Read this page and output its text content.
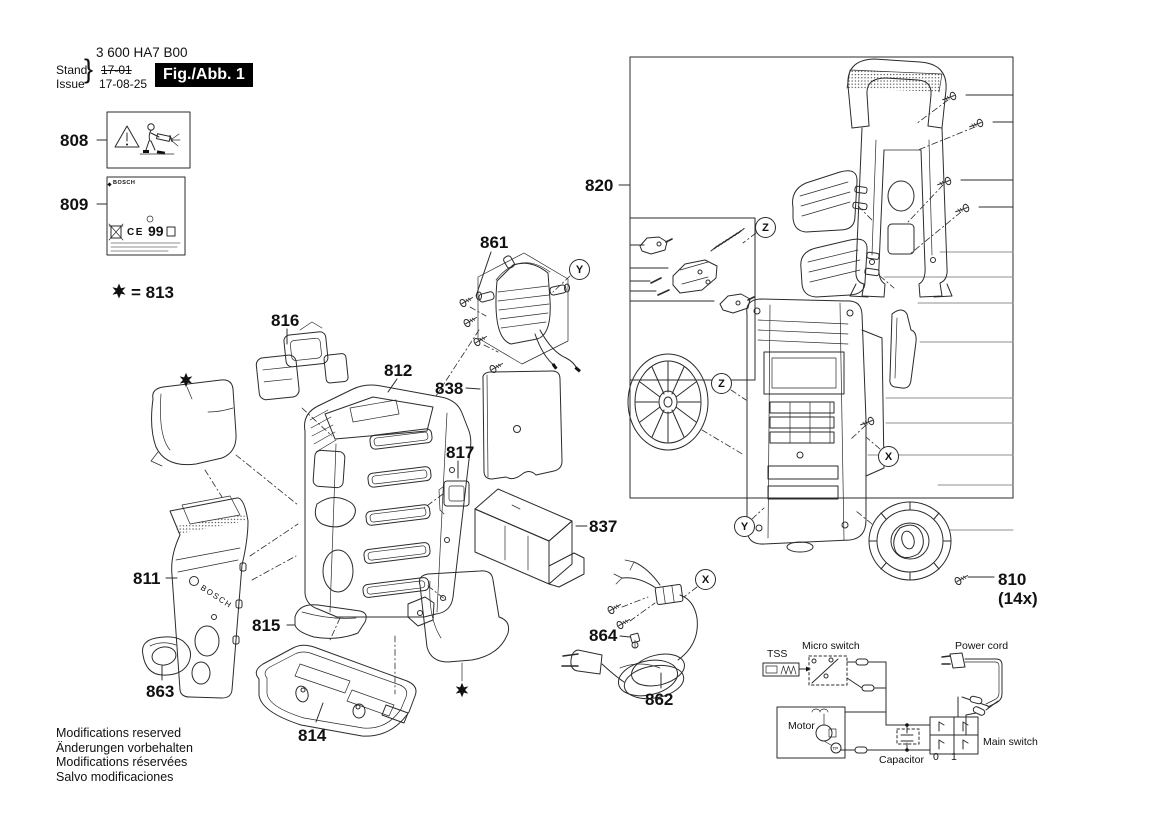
BOSCH
TP
3 600 HA7 B00
Stand
Issue } 17-01
17-08-25
Fig./Abb. 1
808
809
= 813
816
812
861
838
817
820
837
811
815
863
814
862
864
810
(14x)
Z
Z
Y
Y
X
X
BOSCH
CE 99
TSS
Micro switch	Power cord
Motor
Capacitor
Main switch
0 1
Modifications reserved
Änderungen vorbehalten
Modifications réservées
Salvo modificaciones
